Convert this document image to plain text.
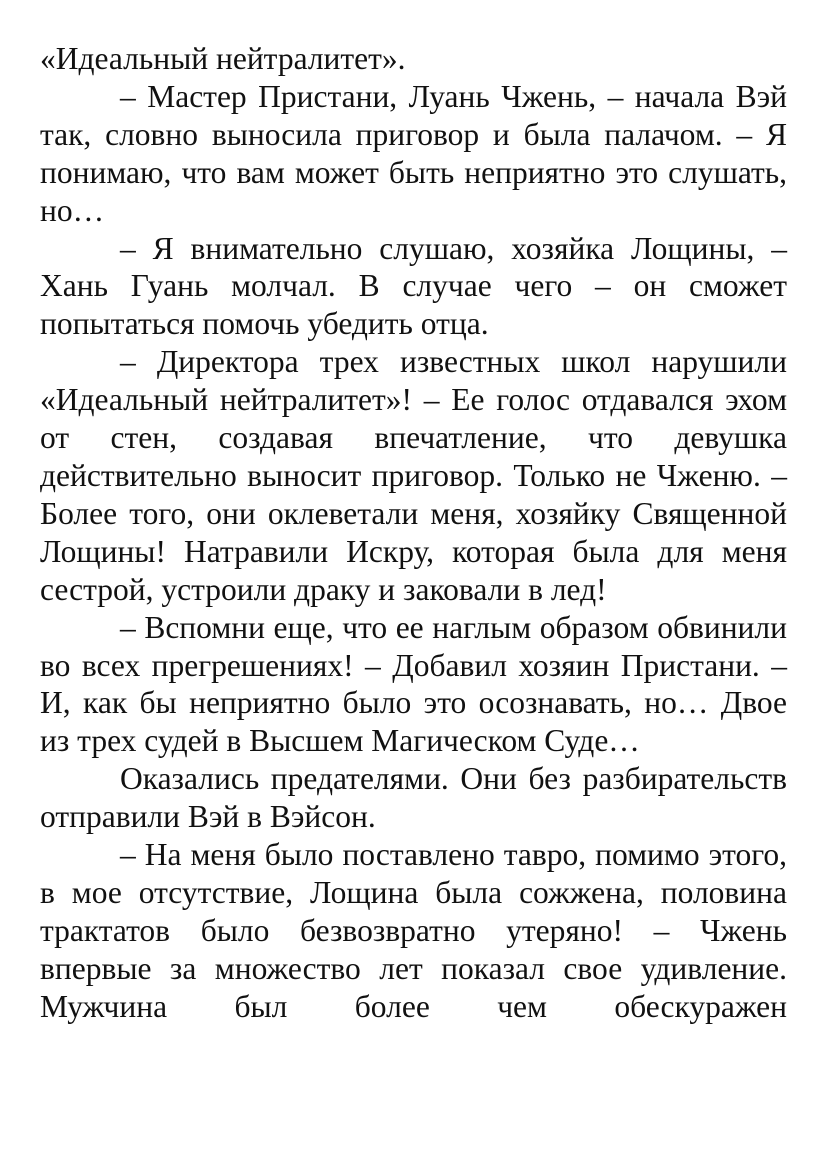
«Идеальный нейтралитет».

– Мастер Пристани, Луань Чжень, – начала Вэй так, словно выносила приговор и была палачом. – Я понимаю, что вам может быть неприятно это слушать, но…

– Я внимательно слушаю, хозяйка Лощины, – Хань Гуань молчал. В случае чего – он сможет попытаться помочь убедить отца.

– Директора трех известных школ нарушили «Идеальный нейтралитет»! – Ее голос отдавался эхом от стен, создавая впечатление, что девушка действительно выносит приговор. Только не Чженю. – Более того, они оклеветали меня, хозяйку Священной Лощины! Натравили Искру, которая была для меня сестрой, устроили драку и заковали в лед!

– Вспомни еще, что ее наглым образом обвинили во всех прегрешениях! – Добавил хозяин Пристани. – И, как бы неприятно было это осознавать, но… Двое из трех судей в Высшем Магическом Суде…

Оказались предателями. Они без разбирательств отправили Вэй в Вэйсон.

– На меня было поставлено тавро, помимо этого, в мое отсутствие, Лощина была сожжена, половина трактатов было безвозвратно утеряно! – Чжень впервые за множество лет показал свое удивление. Мужчина был более чем обескуражен
